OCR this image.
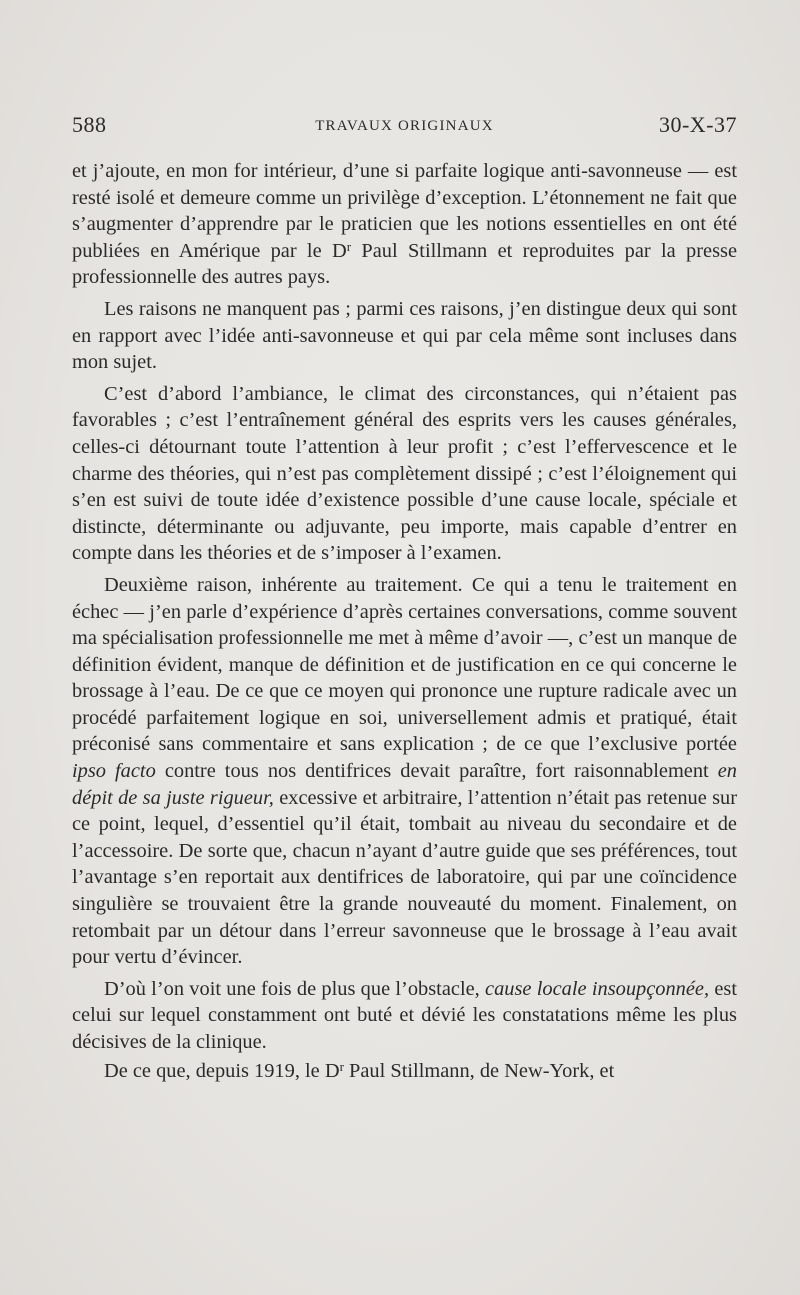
588	TRAVAUX ORIGINAUX	30-X-37

et j’ajoute, en mon for intérieur, d’une si parfaite logique anti-savonneuse — est resté isolé et demeure comme un privilège d’exception. L’étonnement ne fait que s’augmenter d’apprendre par le praticien que les notions essentielles en ont été publiées en Amérique par le $D^r$ Paul Stillmann et reproduites par la presse professionnelle des autres pays.

Les raisons ne manquent pas ; parmi ces raisons, j’en distingue deux qui sont en rapport avec l’idée anti-savonneuse et qui par cela même sont incluses dans mon sujet.

C’est d’abord l’ambiance, le climat des circonstances, qui n’étaient pas favorables ; c’est l’entraînement général des esprits vers les causes générales, celles-ci détournant toute l’attention à leur profit ; c’est l’effervescence et le charme des théories, qui n’est pas complètement dissipé ; c’est l’éloignement qui s’en est suivi de toute idée d’existence possible d’une cause locale, spéciale et distincte, déterminante ou adjuvante, peu importe, mais capable d’entrer en compte dans les théories et de s’imposer à l’examen.

Deuxième raison, inhérente au traitement. Ce qui a tenu le traitement en échec — j’en parle d’expérience d’après certaines conversations, comme souvent ma spécialisation professionnelle me met à même d’avoir —, c’est un manque de définition évident, manque de définition et de justification en ce qui concerne le brossage à l’eau. De ce que ce moyen qui prononce une rupture radicale avec un procédé parfaitement logique en soi, universellement admis et pratiqué, était préconisé sans commentaire et sans explication ; de ce que l’exclusive portée ipso facto contre tous nos dentifrices devait paraître, fort raisonnablement en dépit de sa juste rigueur, excessive et arbitraire, l’attention n’était pas retenue sur ce point, lequel, d’essentiel qu’il était, tombait au niveau du secondaire et de l’accessoire. De sorte que, chacun n’ayant d’autre guide que ses préférences, tout l’avantage s’en reportait aux dentifrices de laboratoire, qui par une coïncidence singulière se trouvaient être la grande nouveauté du moment. Finalement, on retombait par un détour dans l’erreur savonneuse que le brossage à l’eau avait pour vertu d’évincer.

D’où l’on voit une fois de plus que l’obstacle, cause locale insoupçonnée, est celui sur lequel constamment ont buté et dévié les constatations même les plus décisives de la clinique.

De ce que, depuis 1919, le $D^r$ Paul Stillmann, de New-York, et
